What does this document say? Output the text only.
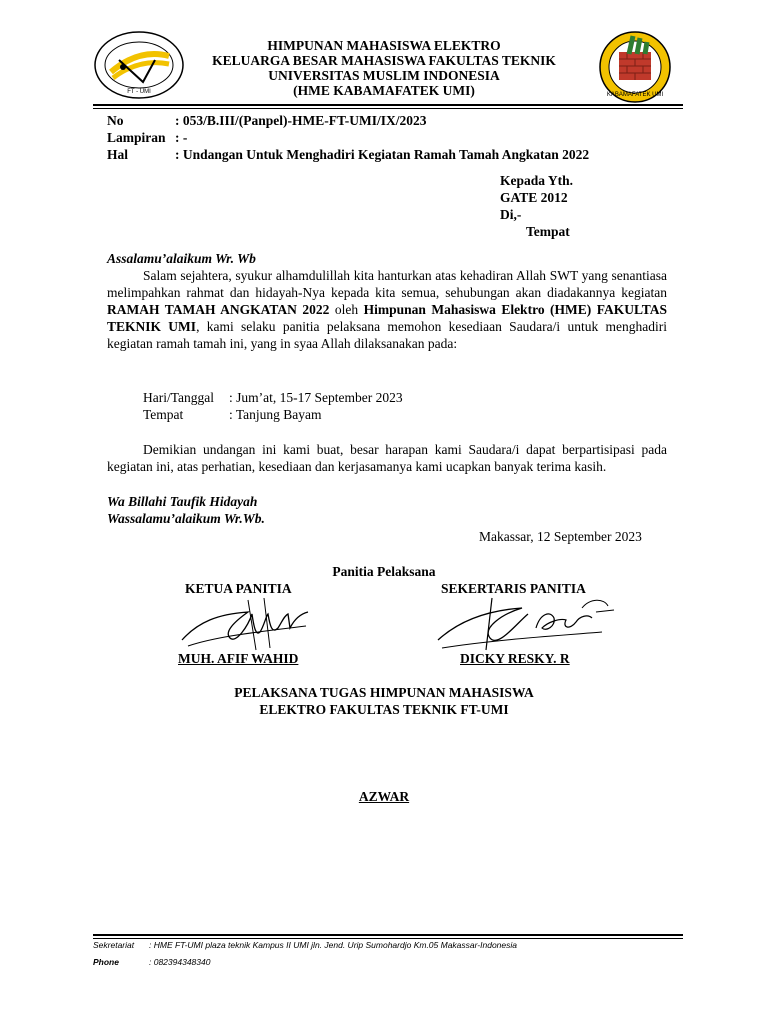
FT - UMI	KABAMAFATEK UMI
HIMPUNAN MAHASISWA ELEKTRO
KELUARGA BESAR MAHASISWA FAKULTAS TEKNIK
UNIVERSITAS MUSLIM INDONESIA
(HME KABAMAFATEK UMI)
No	: 053/B.III/(Panpel)-HME-FT-UMI/IX/2023
Lampiran : -
Hal	: Undangan Untuk Menghadiri Kegiatan Ramah Tamah Angkatan 2022
Kepada Yth.
GATE 2012
Di,-
Tempat
Assalamu’alaikum Wr. Wb
Salam sejahtera, syukur alhamdulillah kita hanturkan atas kehadiran Allah SWT yang senantiasa melimpahkan rahmat dan hidayah-Nya kepada kita semua, sehubungan akan diadakannya kegiatan RAMAH TAMAH ANGKATAN 2022 oleh Himpunan Mahasiswa Elektro (HME) FAKULTAS TEKNIK UMI, kami selaku panitia pelaksana memohon kesediaan Saudara/i untuk menghadiri kegiatan ramah tamah ini, yang in syaa Allah dilaksanakan pada:
Hari/Tanggal : Jum’at, 15-17 September 2023
Tempat	: Tanjung Bayam
Demikian undangan ini kami buat, besar harapan kami Saudara/i dapat berpartisipasi pada kegiatan ini, atas perhatian, kesediaan dan kerjasamanya kami ucapkan banyak terima kasih.
Wa Billahi Taufik Hidayah
Wassalamu’alaikum Wr.Wb.
Makassar, 12 September 2023
Panitia Pelaksana
KETUA PANITIA	SEKERTARIS PANITIA
MUH. AFIF WAHID	DICKY RESKY. R
PELAKSANA TUGAS HIMPUNAN MAHASISWA
ELEKTRO FAKULTAS TEKNIK FT-UMI
AZWAR
Sekretariat : HME FT-UMI plaza teknik Kampus II UMI jln. Jend. Urip Sumohardjo Km.05 Makassar-Indonesia
Phone	: 082394348340
